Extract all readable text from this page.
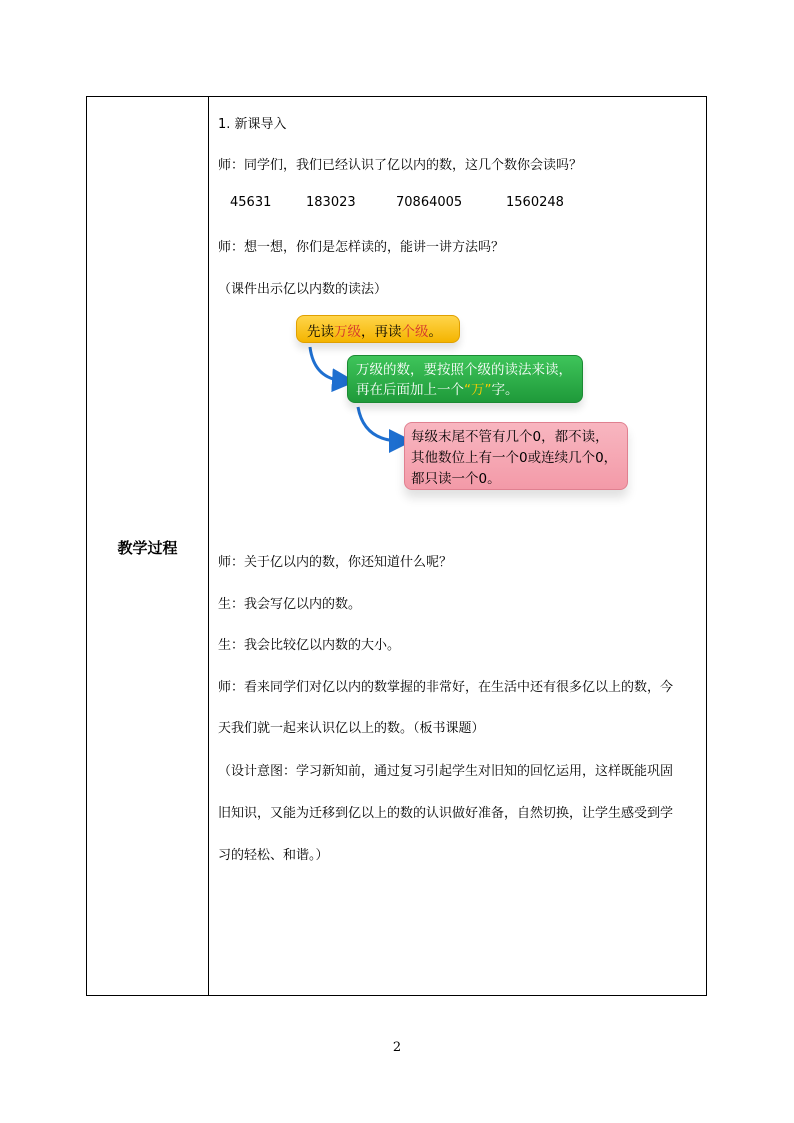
教学过程
1. 新课导入
师：同学们，我们已经认识了亿以内的数，这几个数你会读吗？
45631	183023	70864005	1560248
师：想一想，你们是怎样读的，能讲一讲方法吗？
（课件出示亿以内数的读法）
先读万级，再读个级。
万级的数，要按照个级的读法来读，
再在后面加上一个“万”字。
每级末尾不管有几个0，都不读，
其他数位上有一个0或连续几个0，
都只读一个0。
师：关于亿以内的数，你还知道什么呢？
生：我会写亿以内的数。
生：我会比较亿以内数的大小。
师：看来同学们对亿以内的数掌握的非常好，在生活中还有很多亿以上的数，今
天我们就一起来认识亿以上的数。（板书课题）
（设计意图：学习新知前，通过复习引起学生对旧知的回忆运用，这样既能巩固
旧知识，又能为迁移到亿以上的数的认识做好准备，自然切换，让学生感受到学
习的轻松、和谐。）
2
